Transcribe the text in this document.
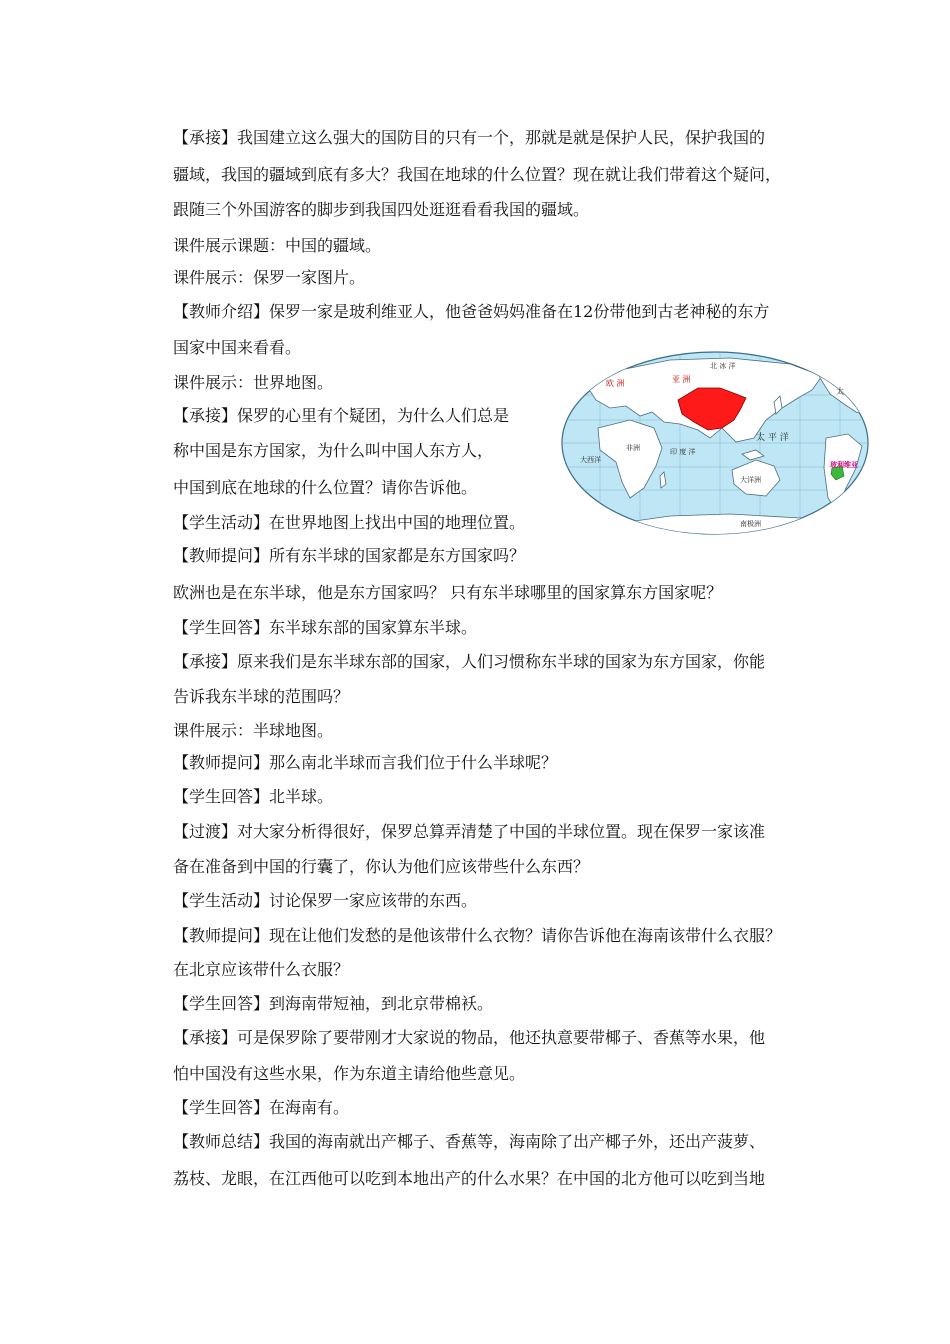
【承接】我国建立这么强大的国防目的只有一个，那就是就是保护人民，保护我国的
疆域，我国的疆域到底有多大？我国在地球的什么位置？现在就让我们带着这个疑问，
跟随三个外国游客的脚步到我国四处逛逛看看我国的疆域。
课件展示课题：中国的疆域。
课件展示：保罗一家图片。
【教师介绍】保罗一家是玻利维亚人，他爸爸妈妈准备在12份带他到古老神秘的东方
国家中国来看看。
课件展示：世界地图。
【承接】保罗的心里有个疑团，为什么人们总是
称中国是东方国家，为什么叫中国人东方人，
中国到底在地球的什么位置？请你告诉他。
【学生活动】在世界地图上找出中国的地理位置。
【教师提问】所有东半球的国家都是东方国家吗？
欧洲也是在东半球，他是东方国家吗？ 只有东半球哪里的国家算东方国家呢？
【学生回答】东半球东部的国家算东半球。
【承接】原来我们是东半球东部的国家，人们习惯称东半球的国家为东方国家，你能
告诉我东半球的范围吗？
课件展示：半球地图。
【教师提问】那么南北半球而言我们位于什么半球呢？
【学生回答】北半球。
【过渡】对大家分析得很好，保罗总算弄清楚了中国的半球位置。现在保罗一家该准
备在准备到中国的行囊了，你认为他们应该带些什么东西？
【学生活动】讨论保罗一家应该带的东西。
【教师提问】现在让他们发愁的是他该带什么衣物？请你告诉他在海南该带什么衣服？
在北京应该带什么衣服？
【学生回答】到海南带短袖，到北京带棉袄。
【承接】可是保罗除了要带刚才大家说的物品，他还执意要带椰子、香蕉等水果，他
怕中国没有这些水果，作为东道主请给他些意见。
【学生回答】在海南有。
【教师总结】我国的海南就出产椰子、香蕉等，海南除了出产椰子外，还出产菠萝、
荔枝、龙眼，在江西他可以吃到本地出产的什么水果？在中国的北方他可以吃到当地
欧 洲	亚 洲
北 冰 洋
太
太 平 洋
印 度 洋
大西洋
非洲
大洋洲
南极洲
玻利维亚
